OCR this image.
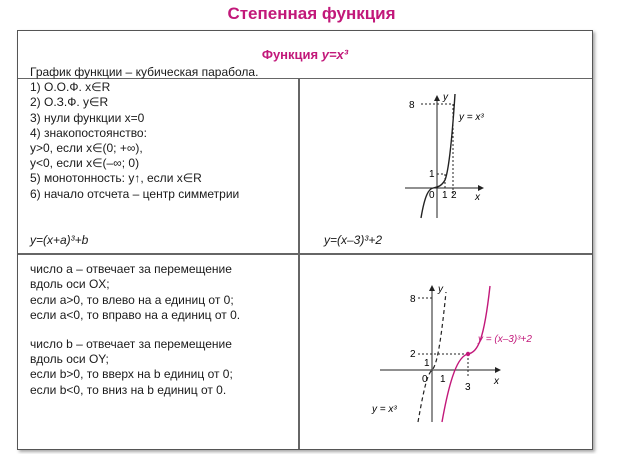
Степенная функция
Функция y=x³
График функции – кубическая парабола.
1) О.О.Ф. x∈R
2) О.З.Ф. y∈R
3) нули функции x=0
4) знакопостоянство:
y>0, если x∈(0; +∞),
y<0, если x∈(–∞; 0)
5) монотонность: y↑, если x∈R
6) начало отсчета – центр симметрии
y
x
0 1 2
1
8
y = x³
y=(x+a)³+b
число a – отвечает за перемещение
вдоль оси OX;
если a>0, то влево на a единиц от 0;
если a<0, то вправо на a единиц от 0.
число b – отвечает за перемещение
вдоль оси OY;
если b>0, то вверх на b единиц от 0;
если b<0, то вниз на b единиц от 0.
y=(x–3)³+2
y
x
0 1
3
1
2
8
y = (x–3)³+2
y = x³
